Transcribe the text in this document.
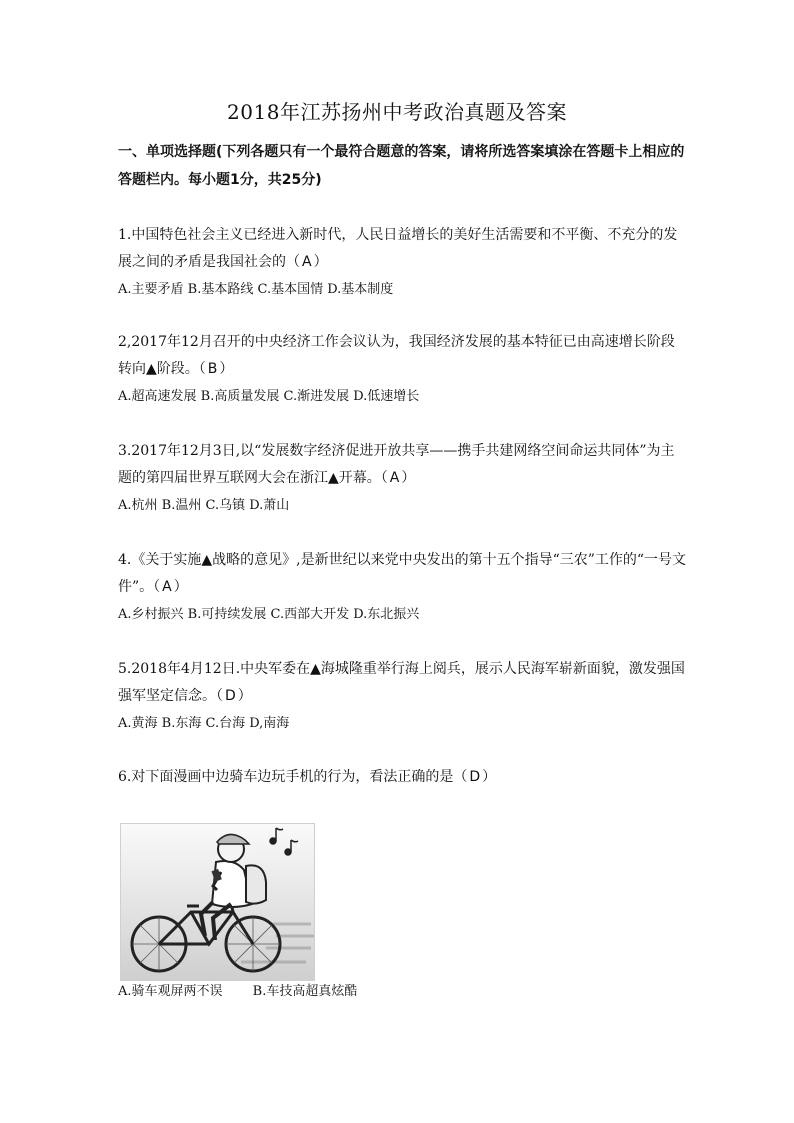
2018年江苏扬州中考政治真题及答案
一、单项选择题(下列各题只有一个最符合题意的答案，请将所选答案填涂在答题卡上相应的答题栏内。每小题1分，共25分)
1.中国特色社会主义已经进入新时代，人民日益增长的美好生活需要和不平衡、不充分的发展之间的矛盾是我国社会的（ A ）
A.主要矛盾 B.基本路线 C.基本国情 D.基本制度
2,2017年12月召开的中央经济工作会议认为，我国经济发展的基本特征已由高速增长阶段转向▲阶段。（ B ）
A.超高速发展 B.高质量发展 C.渐进发展 D.低速增长
3.2017年12月3日,以“发展数字经济促进开放共享——携手共建网络空间命运共同体”为主题的第四届世界互联网大会在浙江▲开幕。（ A ）
A.杭州 B.温州 C.乌镇 D.萧山
4.《关于实施▲战略的意见》,是新世纪以来党中央发出的第十五个指导“三农”工作的“一号文件”。（ A ）
A.乡村振兴 B.可持续发展 C.西部大开发 D.东北振兴
5.2018年4月12日.中央军委在▲海城隆重举行海上阅兵，展示人民海军崭新面貌，激发强国强军坚定信念。（ D ）
A.黄海 B.东海 C.台海 D,南海
6.对下面漫画中边骑车边玩手机的行为，看法正确的是（ D ）
A.骑车观屏两不误 B.车技高超真炫酷
